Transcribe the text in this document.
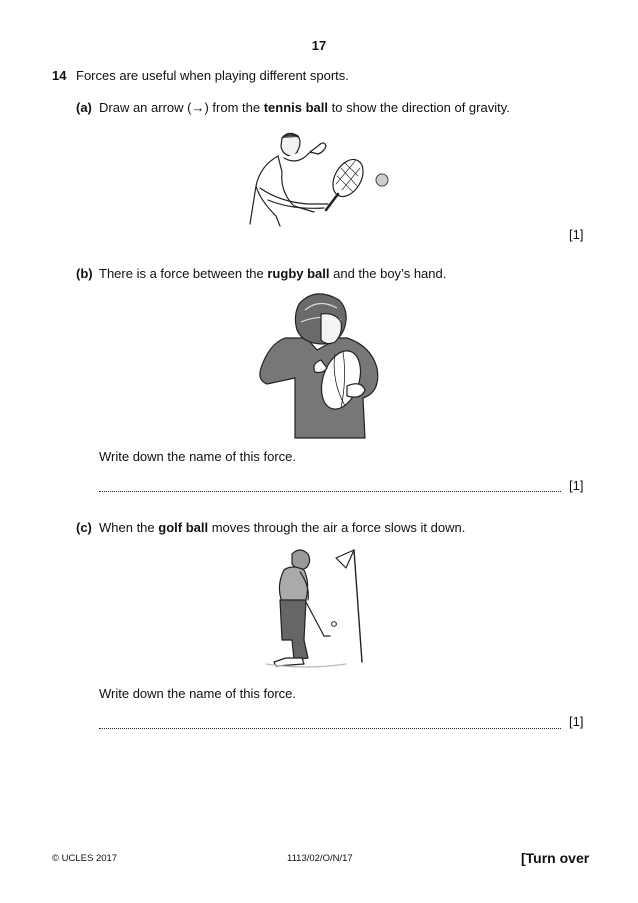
17
14 Forces are useful when playing different sports.
(a) Draw an arrow (→) from the tennis ball to show the direction of gravity.
[1]
(b) There is a force between the rugby ball and the boy’s hand.
Write down the name of this force.
[1]
(c) When the golf ball moves through the air a force slows it down.
Write down the name of this force.
[1]
© UCLES 2017	1113/02/O/N/17	[Turn over
